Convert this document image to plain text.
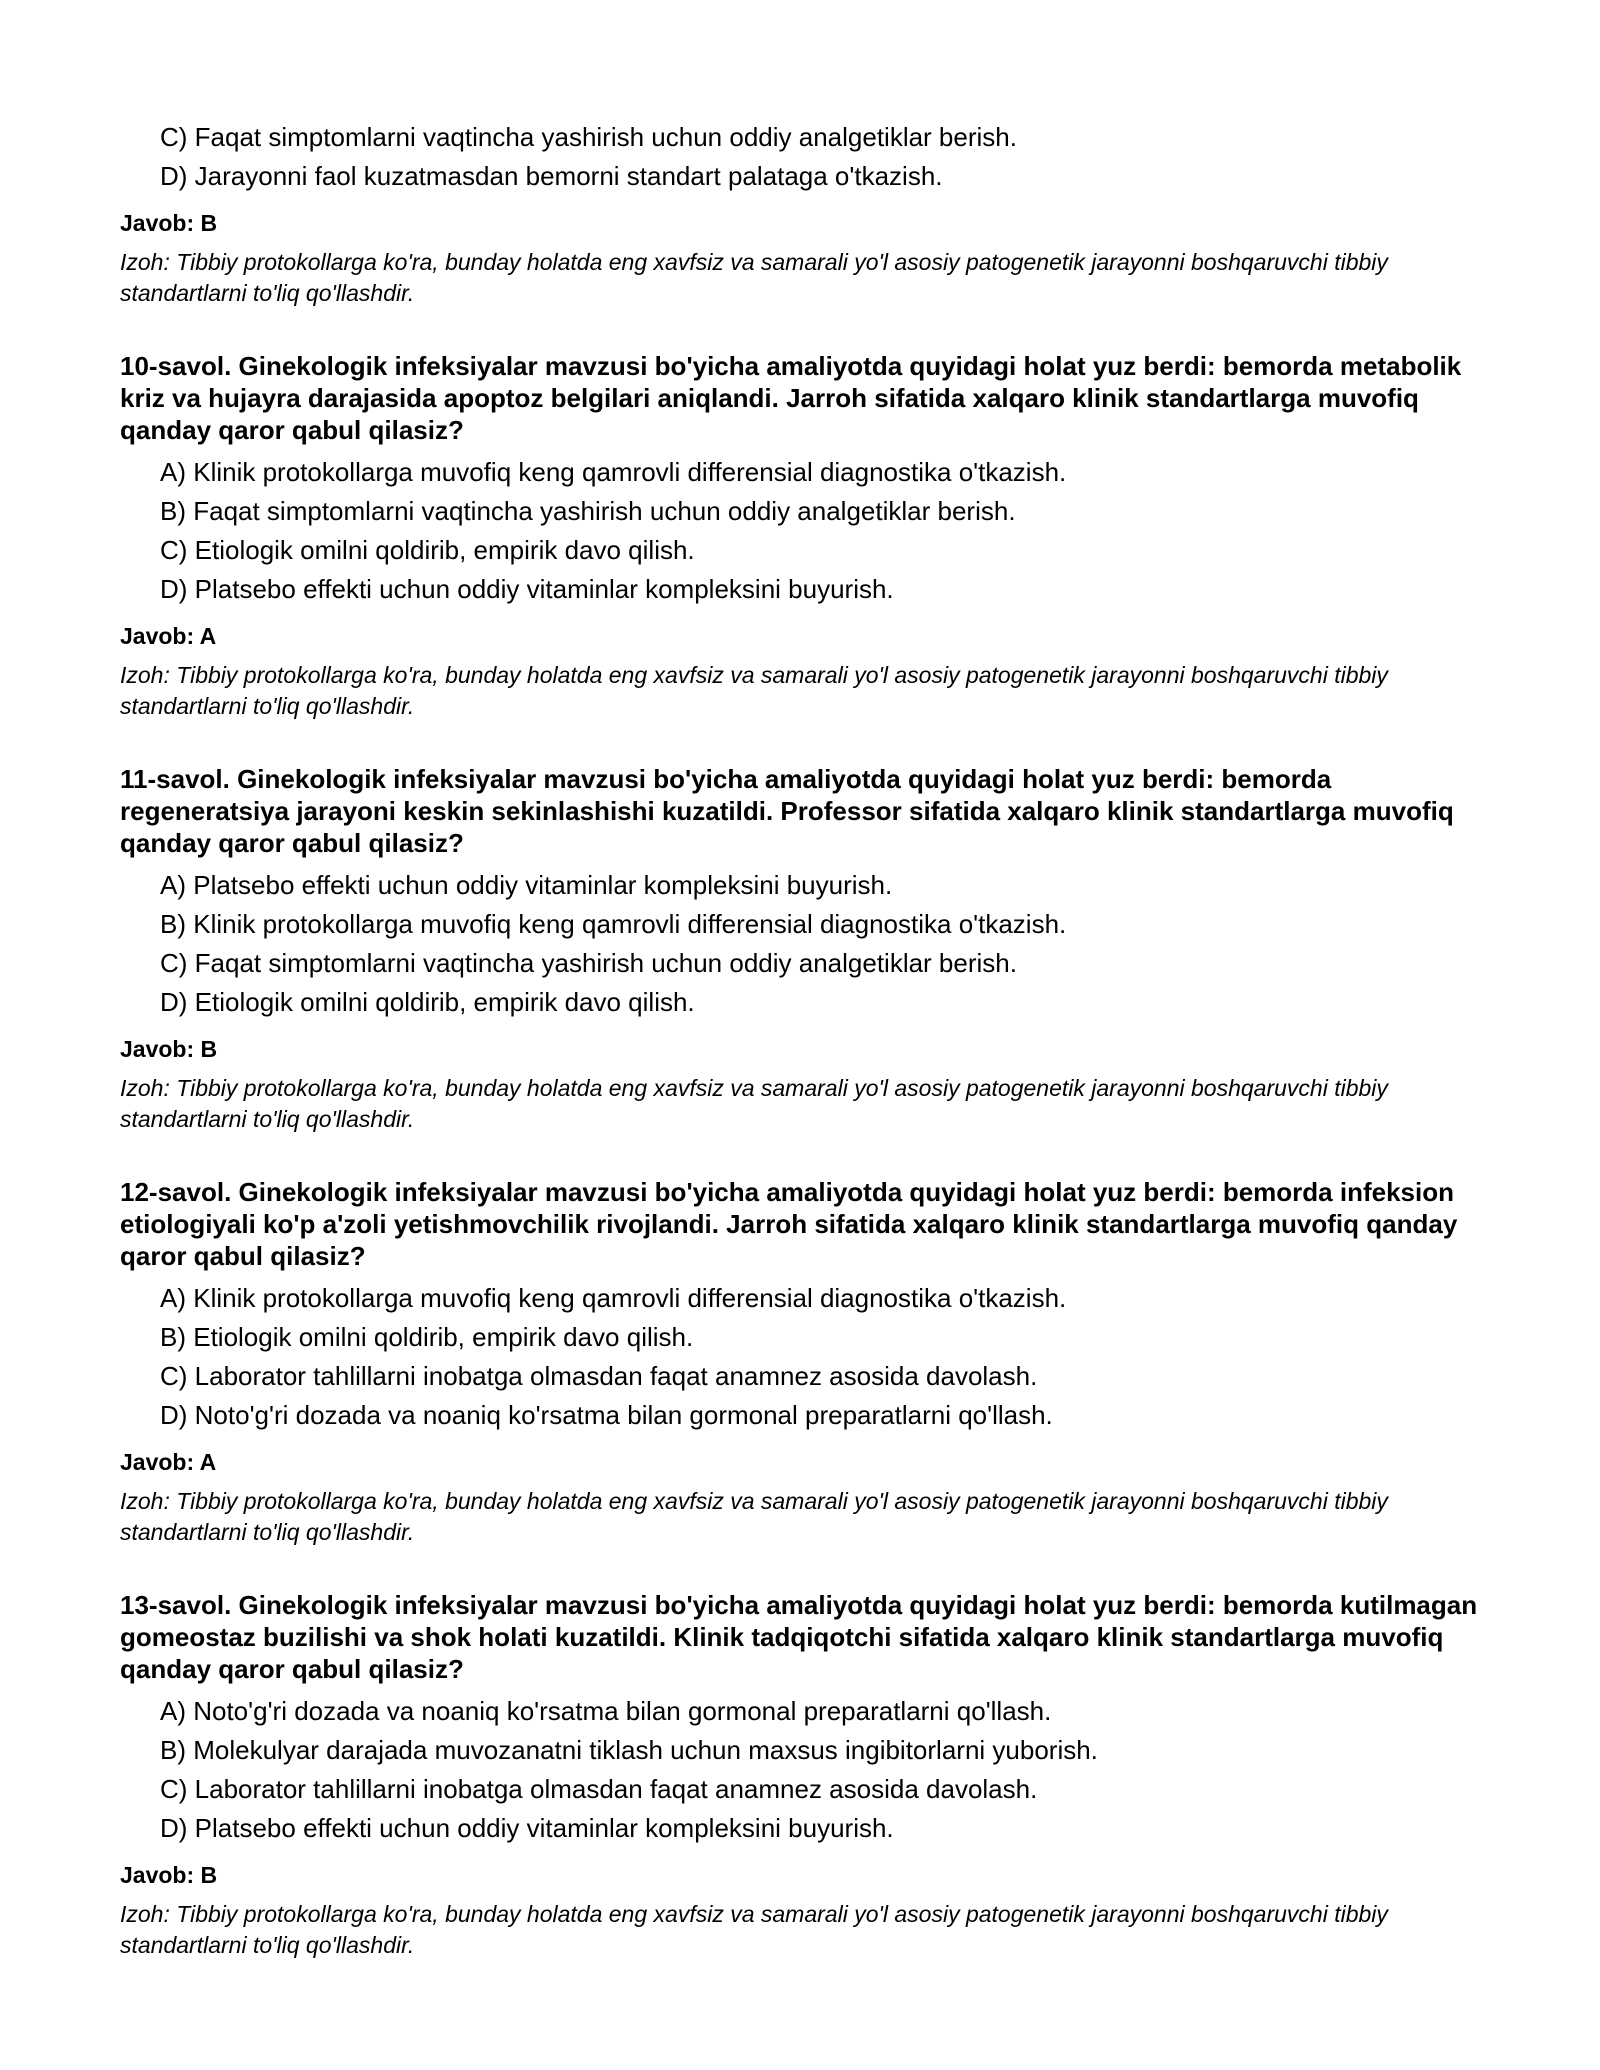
C) Faqat simptomlarni vaqtincha yashirish uchun oddiy analgetiklar berish.
D) Jarayonni faol kuzatmasdan bemorni standart palataga o'tkazish.
Javob: B
Izoh: Tibbiy protokollarga ko'ra, bunday holatda eng xavfsiz va samarali yo'l asosiy patogenetik jarayonni boshqaruvchi tibbiy standartlarni to'liq qo'llashdir.
10-savol. Ginekologik infeksiyalar mavzusi bo'yicha amaliyotda quyidagi holat yuz berdi: bemorda metabolik kriz va hujayra darajasida apoptoz belgilari aniqlandi. Jarroh sifatida xalqaro klinik standartlarga muvofiq qanday qaror qabul qilasiz?
A) Klinik protokollarga muvofiq keng qamrovli differensial diagnostika o'tkazish.
B) Faqat simptomlarni vaqtincha yashirish uchun oddiy analgetiklar berish.
C) Etiologik omilni qoldirib, empirik davo qilish.
D) Platsebo effekti uchun oddiy vitaminlar kompleksini buyurish.
Javob: A
Izoh: Tibbiy protokollarga ko'ra, bunday holatda eng xavfsiz va samarali yo'l asosiy patogenetik jarayonni boshqaruvchi tibbiy standartlarni to'liq qo'llashdir.
11-savol. Ginekologik infeksiyalar mavzusi bo'yicha amaliyotda quyidagi holat yuz berdi: bemorda regeneratsiya jarayoni keskin sekinlashishi kuzatildi. Professor sifatida xalqaro klinik standartlarga muvofiq qanday qaror qabul qilasiz?
A) Platsebo effekti uchun oddiy vitaminlar kompleksini buyurish.
B) Klinik protokollarga muvofiq keng qamrovli differensial diagnostika o'tkazish.
C) Faqat simptomlarni vaqtincha yashirish uchun oddiy analgetiklar berish.
D) Etiologik omilni qoldirib, empirik davo qilish.
Javob: B
Izoh: Tibbiy protokollarga ko'ra, bunday holatda eng xavfsiz va samarali yo'l asosiy patogenetik jarayonni boshqaruvchi tibbiy standartlarni to'liq qo'llashdir.
12-savol. Ginekologik infeksiyalar mavzusi bo'yicha amaliyotda quyidagi holat yuz berdi: bemorda infeksion etiologiyali ko'p a'zoli yetishmovchilik rivojlandi. Jarroh sifatida xalqaro klinik standartlarga muvofiq qanday qaror qabul qilasiz?
A) Klinik protokollarga muvofiq keng qamrovli differensial diagnostika o'tkazish.
B) Etiologik omilni qoldirib, empirik davo qilish.
C) Laborator tahlillarni inobatga olmasdan faqat anamnez asosida davolash.
D) Noto'g'ri dozada va noaniq ko'rsatma bilan gormonal preparatlarni qo'llash.
Javob: A
Izoh: Tibbiy protokollarga ko'ra, bunday holatda eng xavfsiz va samarali yo'l asosiy patogenetik jarayonni boshqaruvchi tibbiy standartlarni to'liq qo'llashdir.
13-savol. Ginekologik infeksiyalar mavzusi bo'yicha amaliyotda quyidagi holat yuz berdi: bemorda kutilmagan gomeostaz buzilishi va shok holati kuzatildi. Klinik tadqiqotchi sifatida xalqaro klinik standartlarga muvofiq qanday qaror qabul qilasiz?
A) Noto'g'ri dozada va noaniq ko'rsatma bilan gormonal preparatlarni qo'llash.
B) Molekulyar darajada muvozanatni tiklash uchun maxsus ingibitorlarni yuborish.
C) Laborator tahlillarni inobatga olmasdan faqat anamnez asosida davolash.
D) Platsebo effekti uchun oddiy vitaminlar kompleksini buyurish.
Javob: B
Izoh: Tibbiy protokollarga ko'ra, bunday holatda eng xavfsiz va samarali yo'l asosiy patogenetik jarayonni boshqaruvchi tibbiy standartlarni to'liq qo'llashdir.
